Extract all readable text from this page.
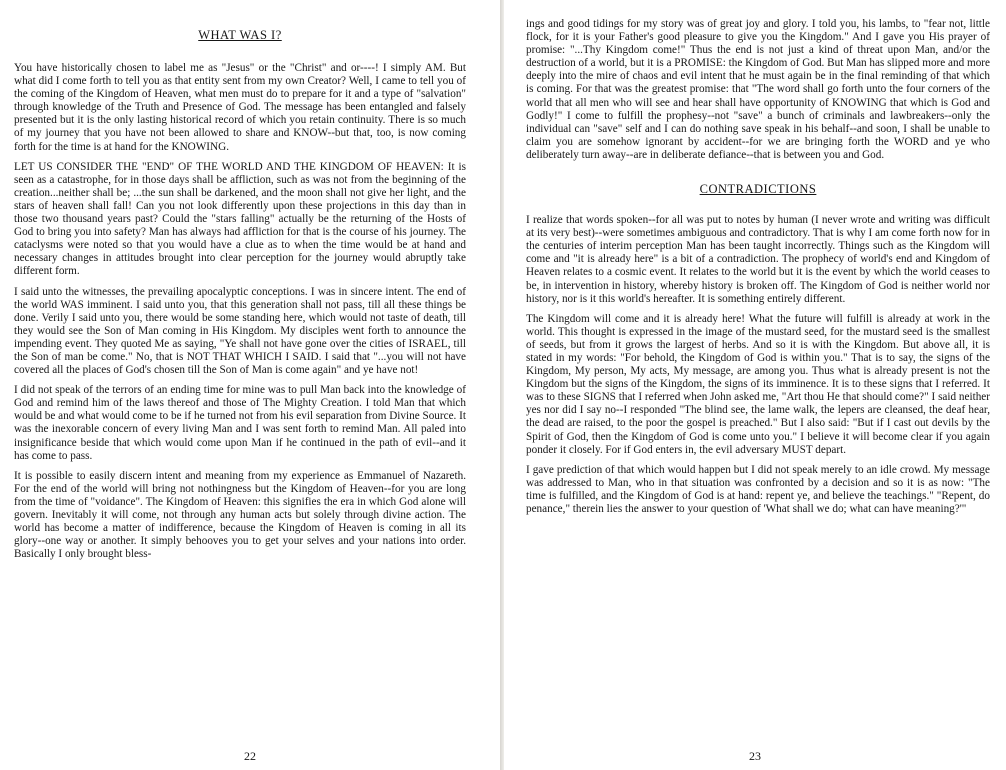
WHAT WAS I?

You have historically chosen to label me as "Jesus" or the "Christ" and or----! I simply AM. But what did I come forth to tell you as that entity sent from my own Creator? Well, I came to tell you of the coming of the Kingdom of Heaven, what men must do to prepare for it and a type of "salvation" through knowledge of the Truth and Presence of God. The message has been entangled and falsely presented but it is the only lasting historical record of which you retain continuity. There is so much of my journey that you have not been allowed to share and KNOW--but that, too, is now coming forth for the time is at hand for the KNOWING.

LET US CONSIDER THE "END" OF THE WORLD AND THE KINGDOM OF HEAVEN: It is seen as a catastrophe, for in those days shall be affliction, such as was not from the beginning of the creation...neither shall be; ...the sun shall be darkened, and the moon shall not give her light, and the stars of heaven shall fall! Can you not look differently upon these projections in this day than in those two thousand years past? Could the "stars falling" actually be the returning of the Hosts of God to bring you into safety? Man has always had affliction for that is the course of his journey. The cataclysms were noted so that you would have a clue as to when the time would be at hand and necessary changes in attitudes brought into clear perception for the journey would abruptly take different form.

I said unto the witnesses, the prevailing apocalyptic conceptions. I was in sincere intent. The end of the world WAS imminent. I said unto you, that this generation shall not pass, till all these things be done. Verily I said unto you, there would be some standing here, which would not taste of death, till they would see the Son of Man coming in His Kingdom. My disciples went forth to announce the impending event. They quoted Me as saying, "Ye shall not have gone over the cities of ISRAEL, till the Son of man be come." No, that is NOT THAT WHICH I SAID. I said that "...you will not have covered all the places of God's chosen till the Son of Man is come again" and ye have not!

I did not speak of the terrors of an ending time for mine was to pull Man back into the knowledge of God and remind him of the laws thereof and those of The Mighty Creation. I told Man that which would be and what would come to be if he turned not from his evil separation from Divine Source. It was the inexorable concern of every living Man and I was sent forth to remind Man. All paled into insignificance beside that which would come upon Man if he continued in the path of evil--and it has come to pass.

It is possible to easily discern intent and meaning from my experience as Emmanuel of Nazareth. For the end of the world will bring not nothingness but the Kingdom of Heaven--for you are long from the time of "voidance". The Kingdom of Heaven: this signifies the era in which God alone will govern. Inevitably it will come, not through any human acts but solely through divine action. The world has become a matter of indifference, because the Kingdom of Heaven is coming in all its glory--one way or another. It simply behooves you to get your selves and your nations into order. Basically I only brought bless-

22

ings and good tidings for my story was of great joy and glory. I told you, his lambs, to "fear not, little flock, for it is your Father's good pleasure to give you the Kingdom." And I gave you His prayer of promise: "...Thy Kingdom come!" Thus the end is not just a kind of threat upon Man, and/or the destruction of a world, but it is a PROMISE: the Kingdom of God. But Man has slipped more and more deeply into the mire of chaos and evil intent that he must again be in the final reminding of that which is coming. For that was the greatest promise: that "The word shall go forth unto the four corners of the world that all men who will see and hear shall have opportunity of KNOWING that which is God and Godly!" I come to fulfill the prophesy--not "save" a bunch of criminals and lawbreakers--only the individual can "save" self and I can do nothing save speak in his behalf--and soon, I shall be unable to claim you are somehow ignorant by accident--for we are bringing forth the WORD and ye who deliberately turn away--are in deliberate defiance--that is between you and God.

CONTRADICTIONS

I realize that words spoken--for all was put to notes by human (I never wrote and writing was difficult at its very best)--were sometimes ambiguous and contradictory. That is why I am come forth now for in the centuries of interim perception Man has been taught incorrectly. Things such as the Kingdom will come and "it is already here" is a bit of a contradiction. The prophecy of world's end and Kingdom of Heaven relates to a cosmic event. It relates to the world but it is the event by which the world ceases to be, in intervention in history, whereby history is broken off. The Kingdom of God is neither world nor history, nor is it this world's hereafter. It is something entirely different.

The Kingdom will come and it is already here! What the future will fulfill is already at work in the world. This thought is expressed in the image of the mustard seed, for the mustard seed is the smallest of seeds, but from it grows the largest of herbs. And so it is with the Kingdom. But above all, it is stated in my words: "For behold, the Kingdom of God is within you." That is to say, the signs of the Kingdom, My person, My acts, My message, are among you. Thus what is already present is not the Kingdom but the signs of the Kingdom, the signs of its imminence. It is to these signs that I referred. It was to these SIGNS that I referred when John asked me, "Art thou He that should come?" I said neither yes nor did I say no--I responded "The blind see, the lame walk, the lepers are cleansed, the deaf hear, the dead are raised, to the poor the gospel is preached." But I also said: "But if I cast out devils by the Spirit of God, then the Kingdom of God is come unto you." I believe it will become clear if you again ponder it closely. For if God enters in, the evil adversary MUST depart.

I gave prediction of that which would happen but I did not speak merely to an idle crowd. My message was addressed to Man, who in that situation was confronted by a decision and so it is as now: "The time is fulfilled, and the Kingdom of God is at hand: repent ye, and believe the teachings." "Repent, do penance," therein lies the answer to your question of 'What shall we do; what can have meaning?'"

23
